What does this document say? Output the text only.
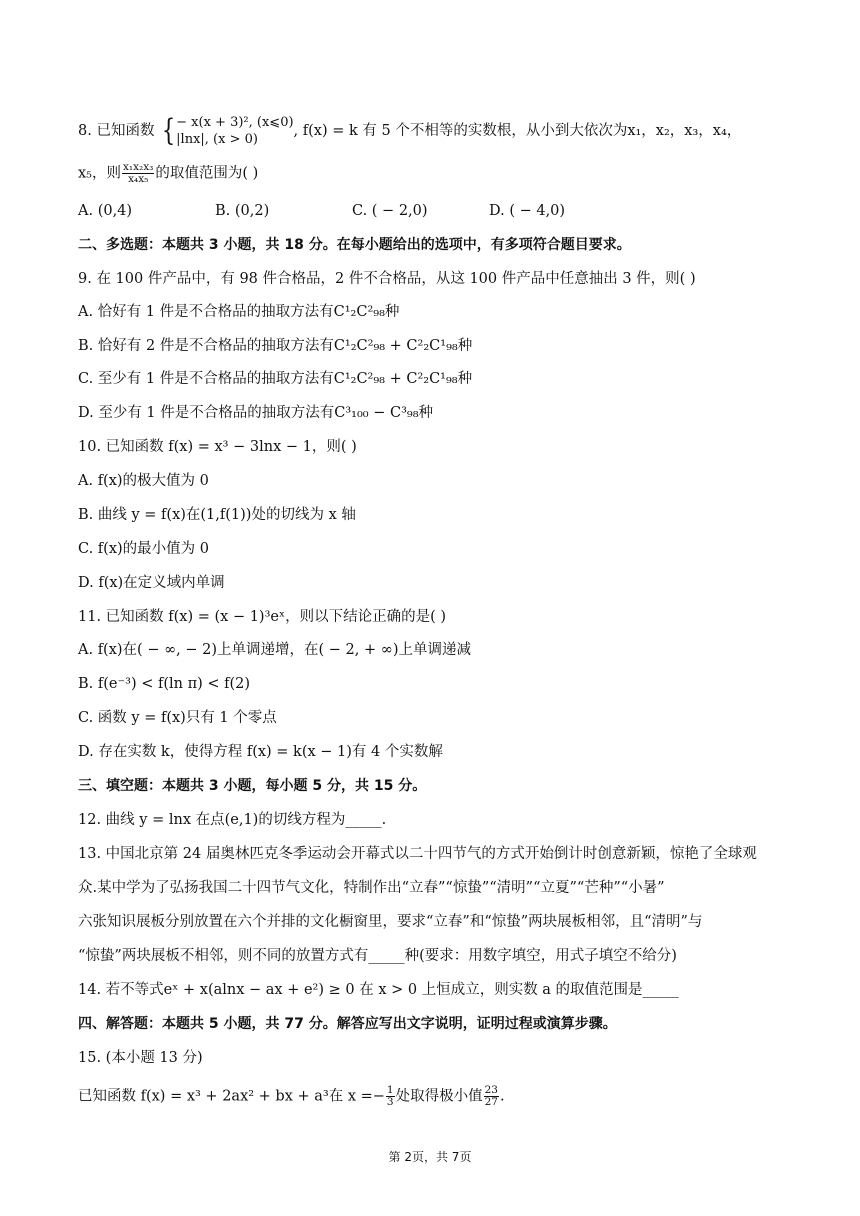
8. 已知函数 { − x(x + 3)², (x⩽0)
|lnx|, (x > 0)
, f(x) = k 有 5 个不相等的实数根，从小到大依次为x₁，x₂，x₃，x₄，
x₅，则 $\frac{\text{x₁x₂x₃}}{\text{x₄x₅}}$ 的取值范围为( )
A. (0,4)	B. (0,2)	C. ( − 2,0)	D. ( − 4,0)
二、多选题：本题共 3 小题，共 18 分。在每小题给出的选项中，有多项符合题目要求。
9. 在 100 件产品中，有 98 件合格品，2 件不合格品，从这 100 件产品中任意抽出 3 件，则( )
A. 恰好有 1 件是不合格品的抽取方法有C¹₂C²₉₈种
B. 恰好有 2 件是不合格品的抽取方法有C¹₂C²₉₈ + C²₂C¹₉₈种
C. 至少有 1 件是不合格品的抽取方法有C¹₂C²₉₈ + C²₂C¹₉₈种
D. 至少有 1 件是不合格品的抽取方法有C³₁₀₀ − C³₉₈种
10. 已知函数 f(x) = x³ − 3lnx − 1，则( )
A. f(x)的极大值为 0
B. 曲线 y = f(x)在(1,f(1))处的切线为 x 轴
C. f(x)的最小值为 0
D. f(x)在定义域内单调
11. 已知函数 f(x) = (x − 1)³eˣ，则以下结论正确的是( )
A. f(x)在( − ∞, − 2)上单调递增，在( − 2, + ∞)上单调递减
B. f(e⁻³) < f(ln π) < f(2)
C. 函数 y = f(x)只有 1 个零点
D. 存在实数 k，使得方程 f(x) = k(x − 1)有 4 个实数解
三、填空题：本题共 3 小题，每小题 5 分，共 15 分。
12. 曲线 y = lnx 在点(e,1)的切线方程为_____.
13. 中国北京第 24 届奥林匹克冬季运动会开幕式以二十四节气的方式开始倒计时创意新颖，惊艳了全球观
众.某中学为了弘扬我国二十四节气文化，特制作出“立春”“惊蛰”“清明”“立夏”“芒种”“小暑”
六张知识展板分别放置在六个并排的文化橱窗里，要求“立春”和“惊蛰”两块展板相邻，且“清明”与
“惊蛰”两块展板不相邻，则不同的放置方式有_____种(要求：用数字填空，用式子填空不给分)
14. 若不等式eˣ + x(alnx − ax + e²) ≥ 0 在 x > 0 上恒成立，则实数 a 的取值范围是_____
四、解答题：本题共 5 小题，共 77 分。解答应写出文字说明，证明过程或演算步骤。
15. (本小题 13 分)
已知函数 f(x) = x³ + 2ax² + bx + a³在 $x =- \frac{1}{3}$ 处取得极小值 $\frac{23}{27}$ .
第 2页，共 7页
